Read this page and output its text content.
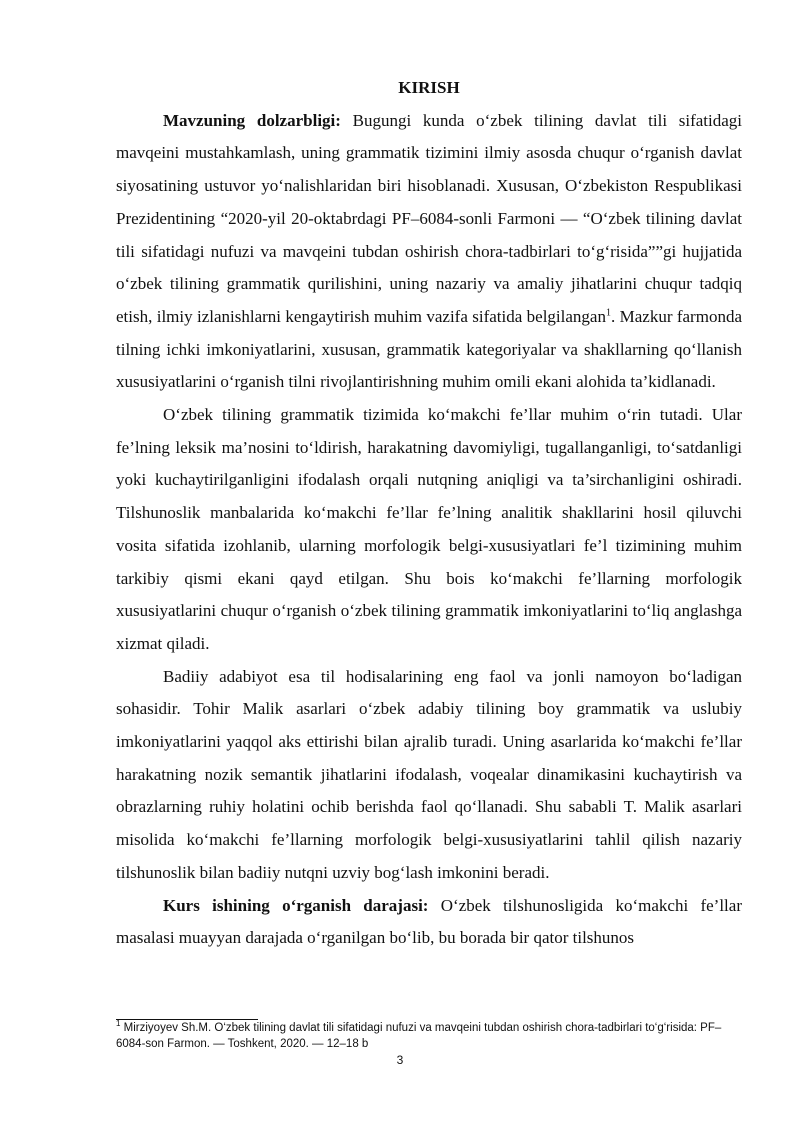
KIRISH

Mavzuning dolzarbligi: Bugungi kunda o‘zbek tilining davlat tili sifatidagi mavqeini mustahkamlash, uning grammatik tizimini ilmiy asosda chuqur o‘rganish davlat siyosatining ustuvor yo‘nalishlaridan biri hisoblanadi. Xususan, O‘zbekiston Respublikasi Prezidentining “2020-yil 20-oktabrdagi PF–6084-sonli Farmoni — “O‘zbek tilining davlat tili sifatidagi nufuzi va mavqeini tubdan oshirish chora-tadbirlari to‘g‘risida””gi hujjatida o‘zbek tilining grammatik qurilishini, uning nazariy va amaliy jihatlarini chuqur tadqiq etish, ilmiy izlanishlarni kengaytirish muhim vazifa sifatida belgilangan$^1$. Mazkur farmonda tilning ichki imkoniyatlarini, xususan, grammatik kategoriyalar va shakllarning qo‘llanish xususiyatlarini o‘rganish tilni rivojlantirishning muhim omili ekani alohida ta’kidlanadi.

O‘zbek tilining grammatik tizimida ko‘makchi fe’llar muhim o‘rin tutadi. Ular fe’lning leksik ma’nosini to‘ldirish, harakatning davomiyligi, tugallanganligi, to‘satdanligi yoki kuchaytirilganligini ifodalash orqali nutqning aniqligi va ta’sirchanligini oshiradi. Tilshunoslik manbalarida ko‘makchi fe’llar fe’lning analitik shakllarini hosil qiluvchi vosita sifatida izohlanib, ularning morfologik belgi-xususiyatlari fe’l tizimining muhim tarkibiy qismi ekani qayd etilgan. Shu bois ko‘makchi fe’llarning morfologik xususiyatlarini chuqur o‘rganish o‘zbek tilining grammatik imkoniyatlarini to‘liq anglashga xizmat qiladi.

Badiiy adabiyot esa til hodisalarining eng faol va jonli namoyon bo‘ladigan sohasidir. Tohir Malik asarlari o‘zbek adabiy tilining boy grammatik va uslubiy imkoniyatlarini yaqqol aks ettirishi bilan ajralib turadi. Uning asarlarida ko‘makchi fe’llar harakatning nozik semantik jihatlarini ifodalash, voqealar dinamikasini kuchaytirish va obrazlarning ruhiy holatini ochib berishda faol qo‘llanadi. Shu sababli T. Malik asarlari misolida ko‘makchi fe’llarning morfologik belgi-xususiyatlarini tahlil qilish nazariy tilshunoslik bilan badiiy nutqni uzviy bog‘lash imkonini beradi.

Kurs ishining o‘rganish darajasi: O‘zbek tilshunosligida ko‘makchi fe’llar masalasi muayyan darajada o‘rganilgan bo‘lib, bu borada bir qator tilshunos

$^1$ Mirziyoyev Sh.M. O‘zbek tilining davlat tili sifatidagi nufuzi va mavqeini tubdan oshirish chora-tadbirlari to‘g‘risida: PF–6084-son Farmon. — Toshkent, 2020. — 12–18 b
3
